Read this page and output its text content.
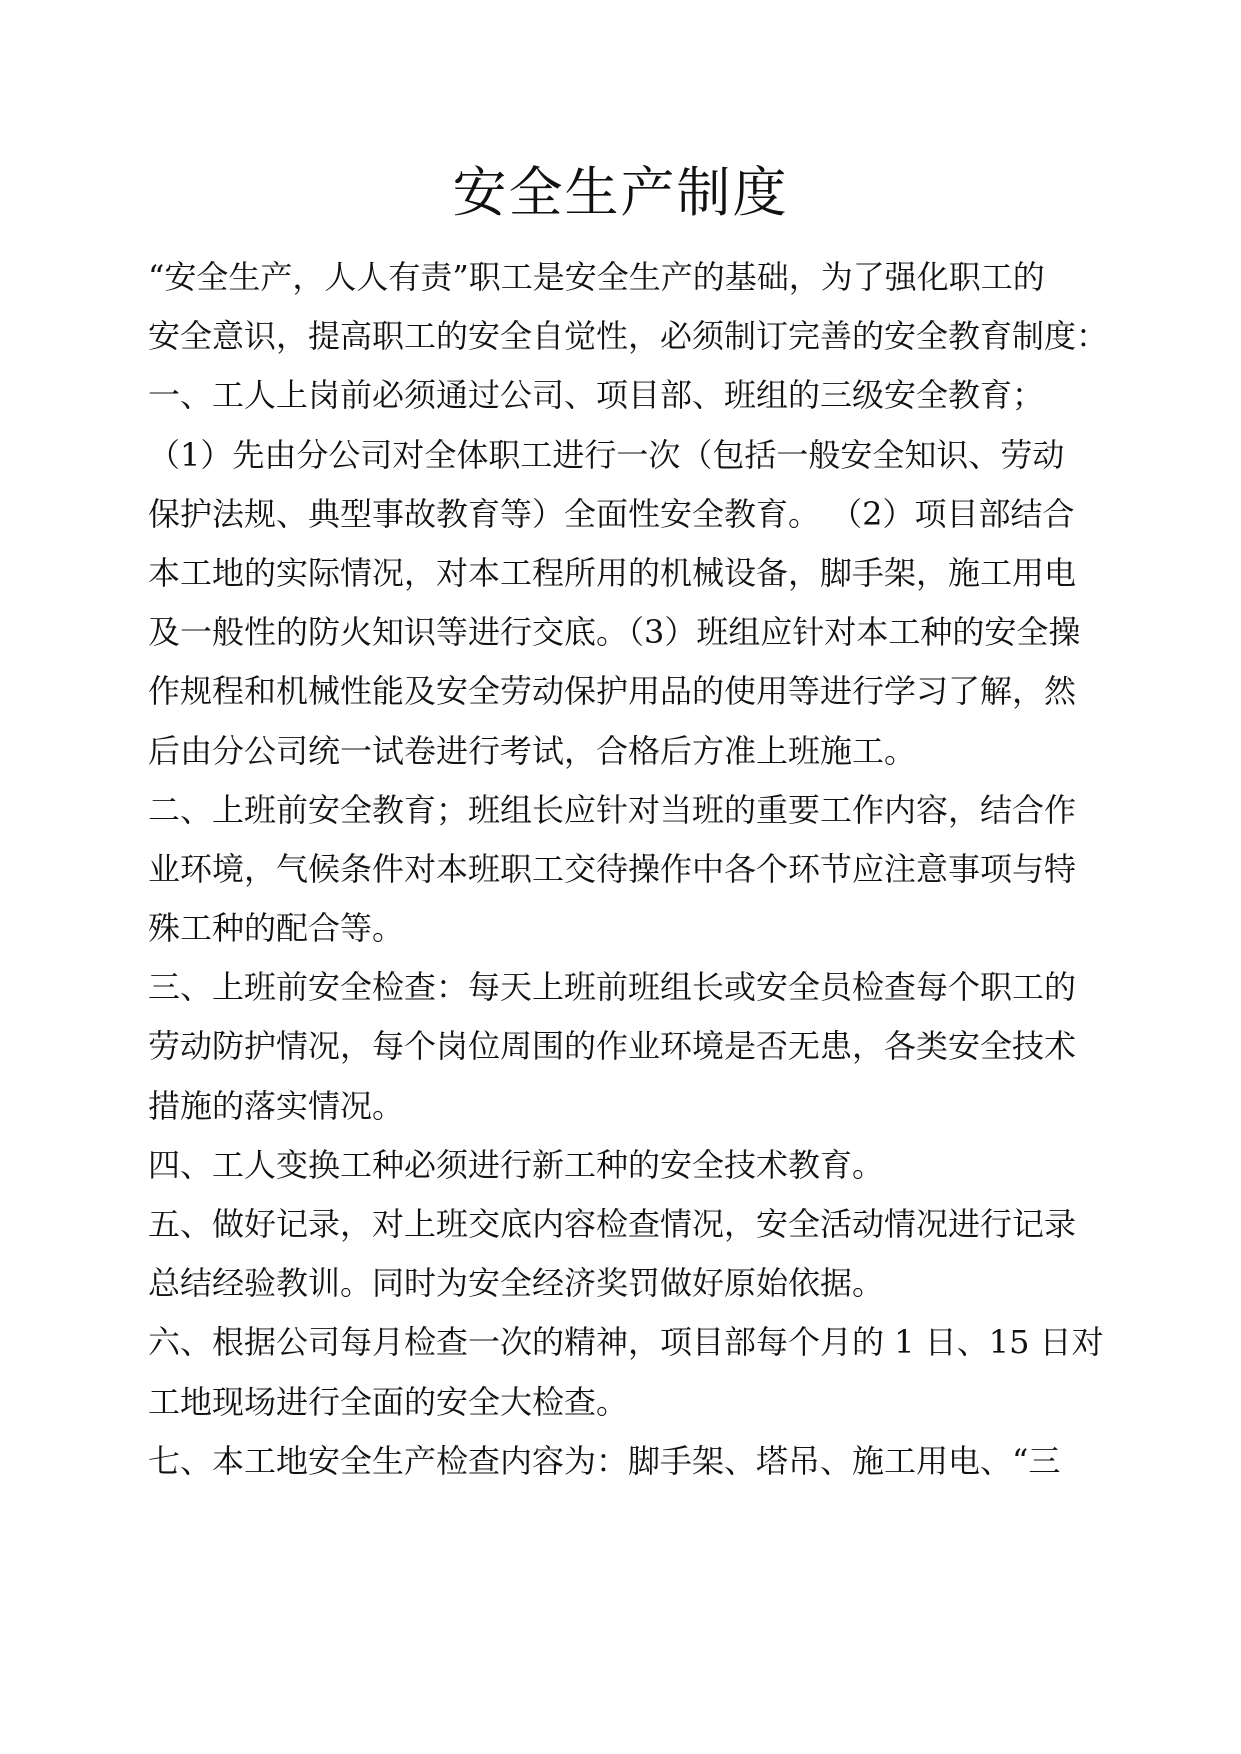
安全生产制度
“安全生产，人人有责”职工是安全生产的基础，为了强化职工的
安全意识，提高职工的安全自觉性，必须制订完善的安全教育制度：
一、工人上岗前必须通过公司、项目部、班组的三级安全教育；
（1）先由分公司对全体职工进行一次（包括一般安全知识、劳动
保护法规、典型事故教育等）全面性安全教育。 （2）项目部结合
本工地的实际情况，对本工程所用的机械设备，脚手架，施工用电
及一般性的防火知识等进行交底。（3）班组应针对本工种的安全操
作规程和机械性能及安全劳动保护用品的使用等进行学习了解，然
后由分公司统一试卷进行考试，合格后方准上班施工。
二、上班前安全教育；班组长应针对当班的重要工作内容，结合作
业环境，气候条件对本班职工交待操作中各个环节应注意事项与特
殊工种的配合等。
三、上班前安全检查：每天上班前班组长或安全员检查每个职工的
劳动防护情况，每个岗位周围的作业环境是否无患，各类安全技术
措施的落实情况。
四、工人变换工种必须进行新工种的安全技术教育。
五、做好记录，对上班交底内容检查情况，安全活动情况进行记录
总结经验教训。同时为安全经济奖罚做好原始依据。
六、根据公司每月检查一次的精神，项目部每个月的 1 日、15 日对
工地现场进行全面的安全大检查。
七、本工地安全生产检查内容为：脚手架、塔吊、施工用电、“三
